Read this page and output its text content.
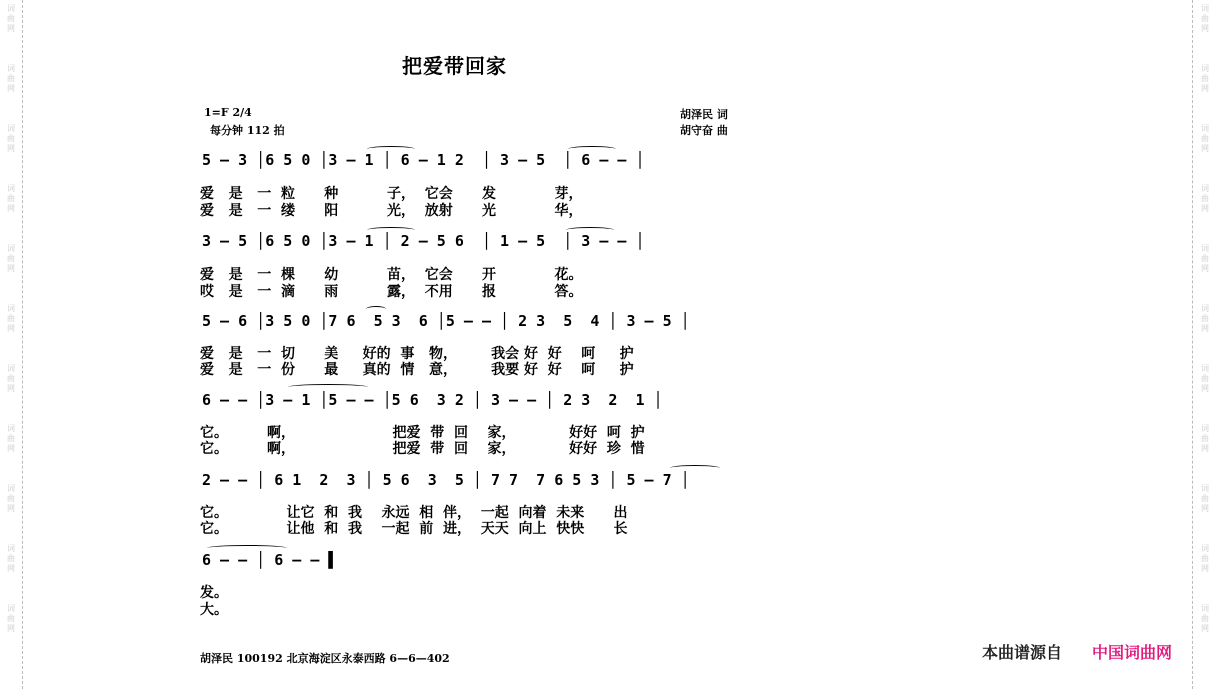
词
曲
网
词
曲
网
词
曲
网
词
曲
网
词
曲
网
词
曲
网
词
曲
网
词
曲
网
词
曲
网
词
曲
网
词
曲
网
词
曲
网
词
曲
网
词
曲
网
词
曲
网
词
曲
网
词
曲
网
词
曲
网
词
曲
网
词
曲
网
词
曲
网
词
曲
网
把爱带回家
1=F 2/4
每分钟 112 拍
胡泽民 词
胡守奋 曲
5 — 3 │6 5 0 │3 — 1 │ 6 — 1 2  │ 3 — 5  │ 6 — — │
爱   是   一  粒      种          子，  它会      发            芽，
爱   是   一  缕      阳          光，  放射      光            华，
3 — 5 │6 5 0 │3 — 1 │ 2 — 5 6  │ 1 — 5  │ 3 — — │
爱   是   一  棵      幼          苗，  它会      开            花。
哎   是   一  滴      雨          露，  不用      报            答。
5 — 6 │3 5 0 │7 6  5 3  6 │5 — — │ 2 3  5  4 │ 3 — 5 │
爱   是   一  切      美     好的  事   物，       我会 好  好    呵     护
爱   是   一  份      最     真的  情   意，       我要 好  好    呵     护
6 — — │3 — 1 │5 — — │5 6  3 2 │ 3 — — │ 2 3  2  1 │
它。        啊，                    把爱  带  回    家，           好好  呵  护
它。        啊，                    把爱  带  回    家，           好好  珍  惜
2 — — │ 6 1  2  3 │ 5 6  3  5 │ 7 7  7 6 5 3 │ 5 — 7 │
它。            让它  和  我    永远  相  伴，  一起  向着  未来      出
它。            让他  和  我    一起  前  进，  天天  向上  快快      长
6 — — │ 6 — — ▌
发。
大。
胡泽民 100192 北京海淀区永泰西路 6—6—402	本曲谱源自 中国词曲网
